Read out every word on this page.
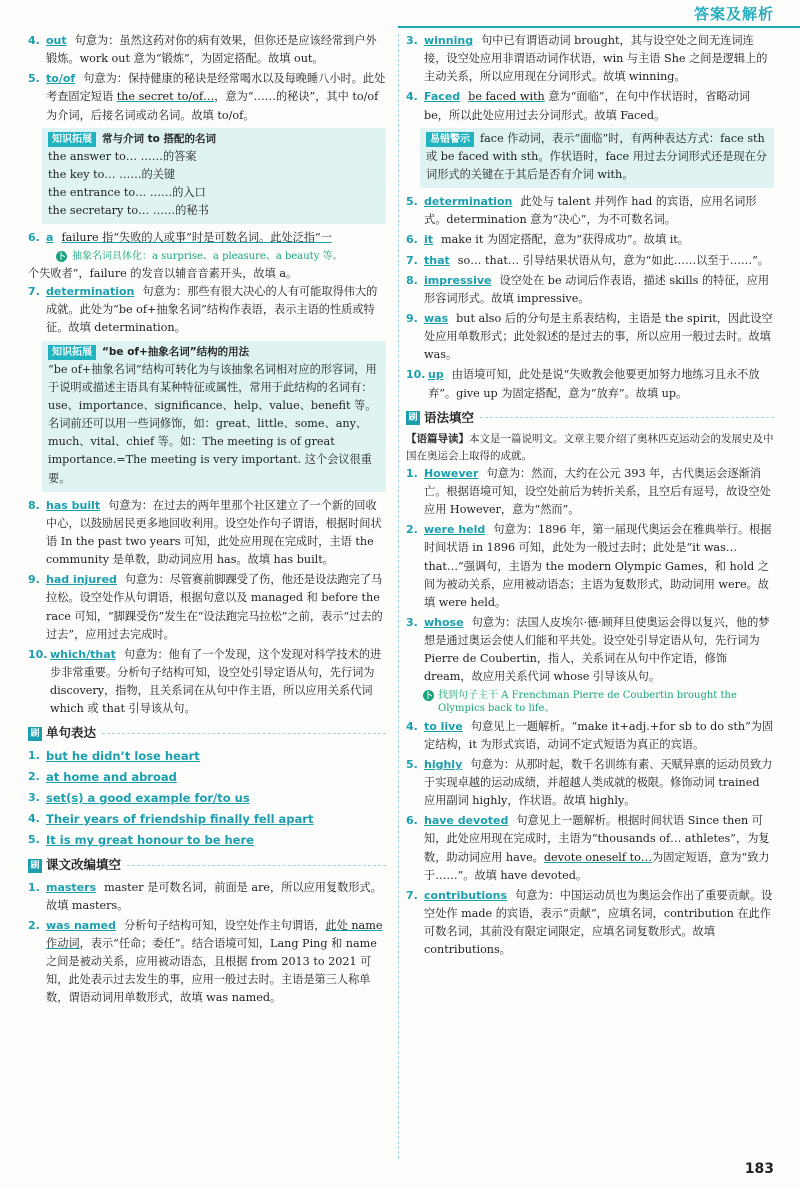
答案及解析
4. out 句意为：虽然这药对你的病有效果，但你还是应该经常到户外锻炼。work out 意为“锻炼”，为固定搭配。故填 out。
5. to/of 句意为：保持健康的秘诀是经常喝水以及每晚睡八小时。此处考查固定短语 the secret to/of…，意为“……的秘诀”，其中 to/of 为介词，后接名词或动名词。故填 to/of。
知识拓展 常与介词 to 搭配的名词
the answer to… ……的答案
the key to… ……的关键
the entrance to… ……的入口
the secretary to… ……的秘书
6. a failure 指“失败的人或事”时是可数名词。此处泛指“一
卜 抽象名词具体化：a surprise、a pleasure、a beauty 等。
个失败者”，failure 的发音以辅音音素开头，故填 a。
7. determination 句意为：那些有很大决心的人有可能取得伟大的成就。此处为“be of+抽象名词”结构作表语，表示主语的性质或特征。故填 determination。
知识拓展 “be of+抽象名词”结构的用法
“be of+抽象名词”结构可转化为与该抽象名词相对应的形容词，用于说明或描述主语具有某种特征或属性，常用于此结构的名词有：use、importance、significance、help、value、benefit 等。名词前还可以用一些词修饰，如：great、little、some、any、much、vital、chief 等。如：The meeting is of great importance.=The meeting is very important. 这个会议很重要。
8. has built 句意为：在过去的两年里那个社区建立了一个新的回收中心，以鼓励居民更多地回收利用。设空处作句子谓语，根据时间状语 In the past two years 可知，此处应用现在完成时，主语 the community 是单数，助动词应用 has。故填 has built。
9. had injured 句意为：尽管赛前脚踝受了伤，他还是设法跑完了马拉松。设空处作从句谓语，根据句意以及 managed 和 before the race 可知，“脚踝受伤”发生在“设法跑完马拉松”之前，表示“过去的过去”，应用过去完成时。
10. which/that 句意为：他有了一个发现，这个发现对科学技术的进步非常重要。分析句子结构可知，设空处引导定语从句，先行词为 discovery，指物，且关系词在从句中作主语，所以应用关系代词 which 或 that 引导该从句。
刷 单句表达
1. but he didn’t lose heart
2. at home and abroad
3. set(s) a good example for/to us
4. Their years of friendship finally fell apart
5. It is my great honour to be here
刷 课文改编填空
1. masters master 是可数名词，前面是 are，所以应用复数形式。故填 masters。
2. was named 分析句子结构可知，设空处作主句谓语，此处 name 作动词，表示“任命；委任”。结合语境可知，Lang Ping 和 name 之间是被动关系，应用被动语态，且根据 from 2013 to 2021 可知，此处表示过去发生的事，应用一般过去时。主语是第三人称单数，谓语动词用单数形式，故填 was named。
3. winning 句中已有谓语动词 brought，其与设空处之间无连词连接，设空处应用非谓语动词作状语，win 与主语 She 之间是逻辑上的主动关系，所以应用现在分词形式。故填 winning。
4. Faced be faced with 意为“面临”，在句中作状语时，省略动词 be，所以此处应用过去分词形式。故填 Faced。
易错警示 face 作动词，表示“面临”时，有两种表达方式：face sth 或 be faced with sth。作状语时，face 用过去分词形式还是现在分词形式的关键在于其后是否有介词 with。
5. determination 此处与 talent 并列作 had 的宾语，应用名词形式。determination 意为“决心”，为不可数名词。
6. it make it 为固定搭配，意为“获得成功”。故填 it。
7. that so… that… 引导结果状语从句，意为“如此……以至于……”。
8. impressive 设空处在 be 动词后作表语，描述 skills 的特征，应用形容词形式。故填 impressive。
9. was but also 后的分句是主系表结构，主语是 the spirit，因此设空处应用单数形式；此处叙述的是过去的事，所以应用一般过去时。故填 was。
10. up 由语境可知，此处是说“失败教会他要更加努力地练习且永不放弃”。give up 为固定搭配，意为“放弃”。故填 up。
刷 语法填空
【语篇导读】本文是一篇说明文。文章主要介绍了奥林匹克运动会的发展史及中国在奥运会上取得的成就。
1. However 句意为：然而，大约在公元 393 年，古代奥运会逐渐消亡。根据语境可知，设空处前后为转折关系，且空后有逗号，故设空处应用 However，意为“然而”。
2. were held 句意为：1896 年，第一届现代奥运会在雅典举行。根据时间状语 in 1896 可知，此处为一般过去时；此处是“it was… that…”强调句，主语为 the modern Olympic Games，和 hold 之间为被动关系，应用被动语态；主语为复数形式，助动词用 were。故填 were held。
3. whose 句意为：法国人皮埃尔·德·顾拜旦使奥运会得以复兴，他的梦想是通过奥运会使人们能和平共处。设空处引导定语从句，先行词为 Pierre de Coubertin，指人，关系词在从句中作定语，修饰 dream，故应用关系代词 whose 引导该从句。
卜 找到句子主干 A Frenchman Pierre de Coubertin brought the Olympics back to life。
4. to live 句意见上一题解析。“make it+adj.+for sb to do sth”为固定结构，it 为形式宾语，动词不定式短语为真正的宾语。
5. highly 句意为：从那时起，数千名训练有素、天赋异禀的运动员致力于实现卓越的运动成绩，并超越人类成就的极限。修饰动词 trained 应用副词 highly，作状语。故填 highly。
6. have devoted 句意见上一题解析。根据时间状语 Since then 可知，此处应用现在完成时，主语为“thousands of… athletes”，为复数，助动词应用 have。devote oneself to…为固定短语，意为“致力于……”。故填 have devoted。
7. contributions 句意为：中国运动员也为奥运会作出了重要贡献。设空处作 made 的宾语，表示“贡献”，应填名词，contribution 在此作可数名词，其前没有限定词限定，应填名词复数形式。故填 contributions。
183
